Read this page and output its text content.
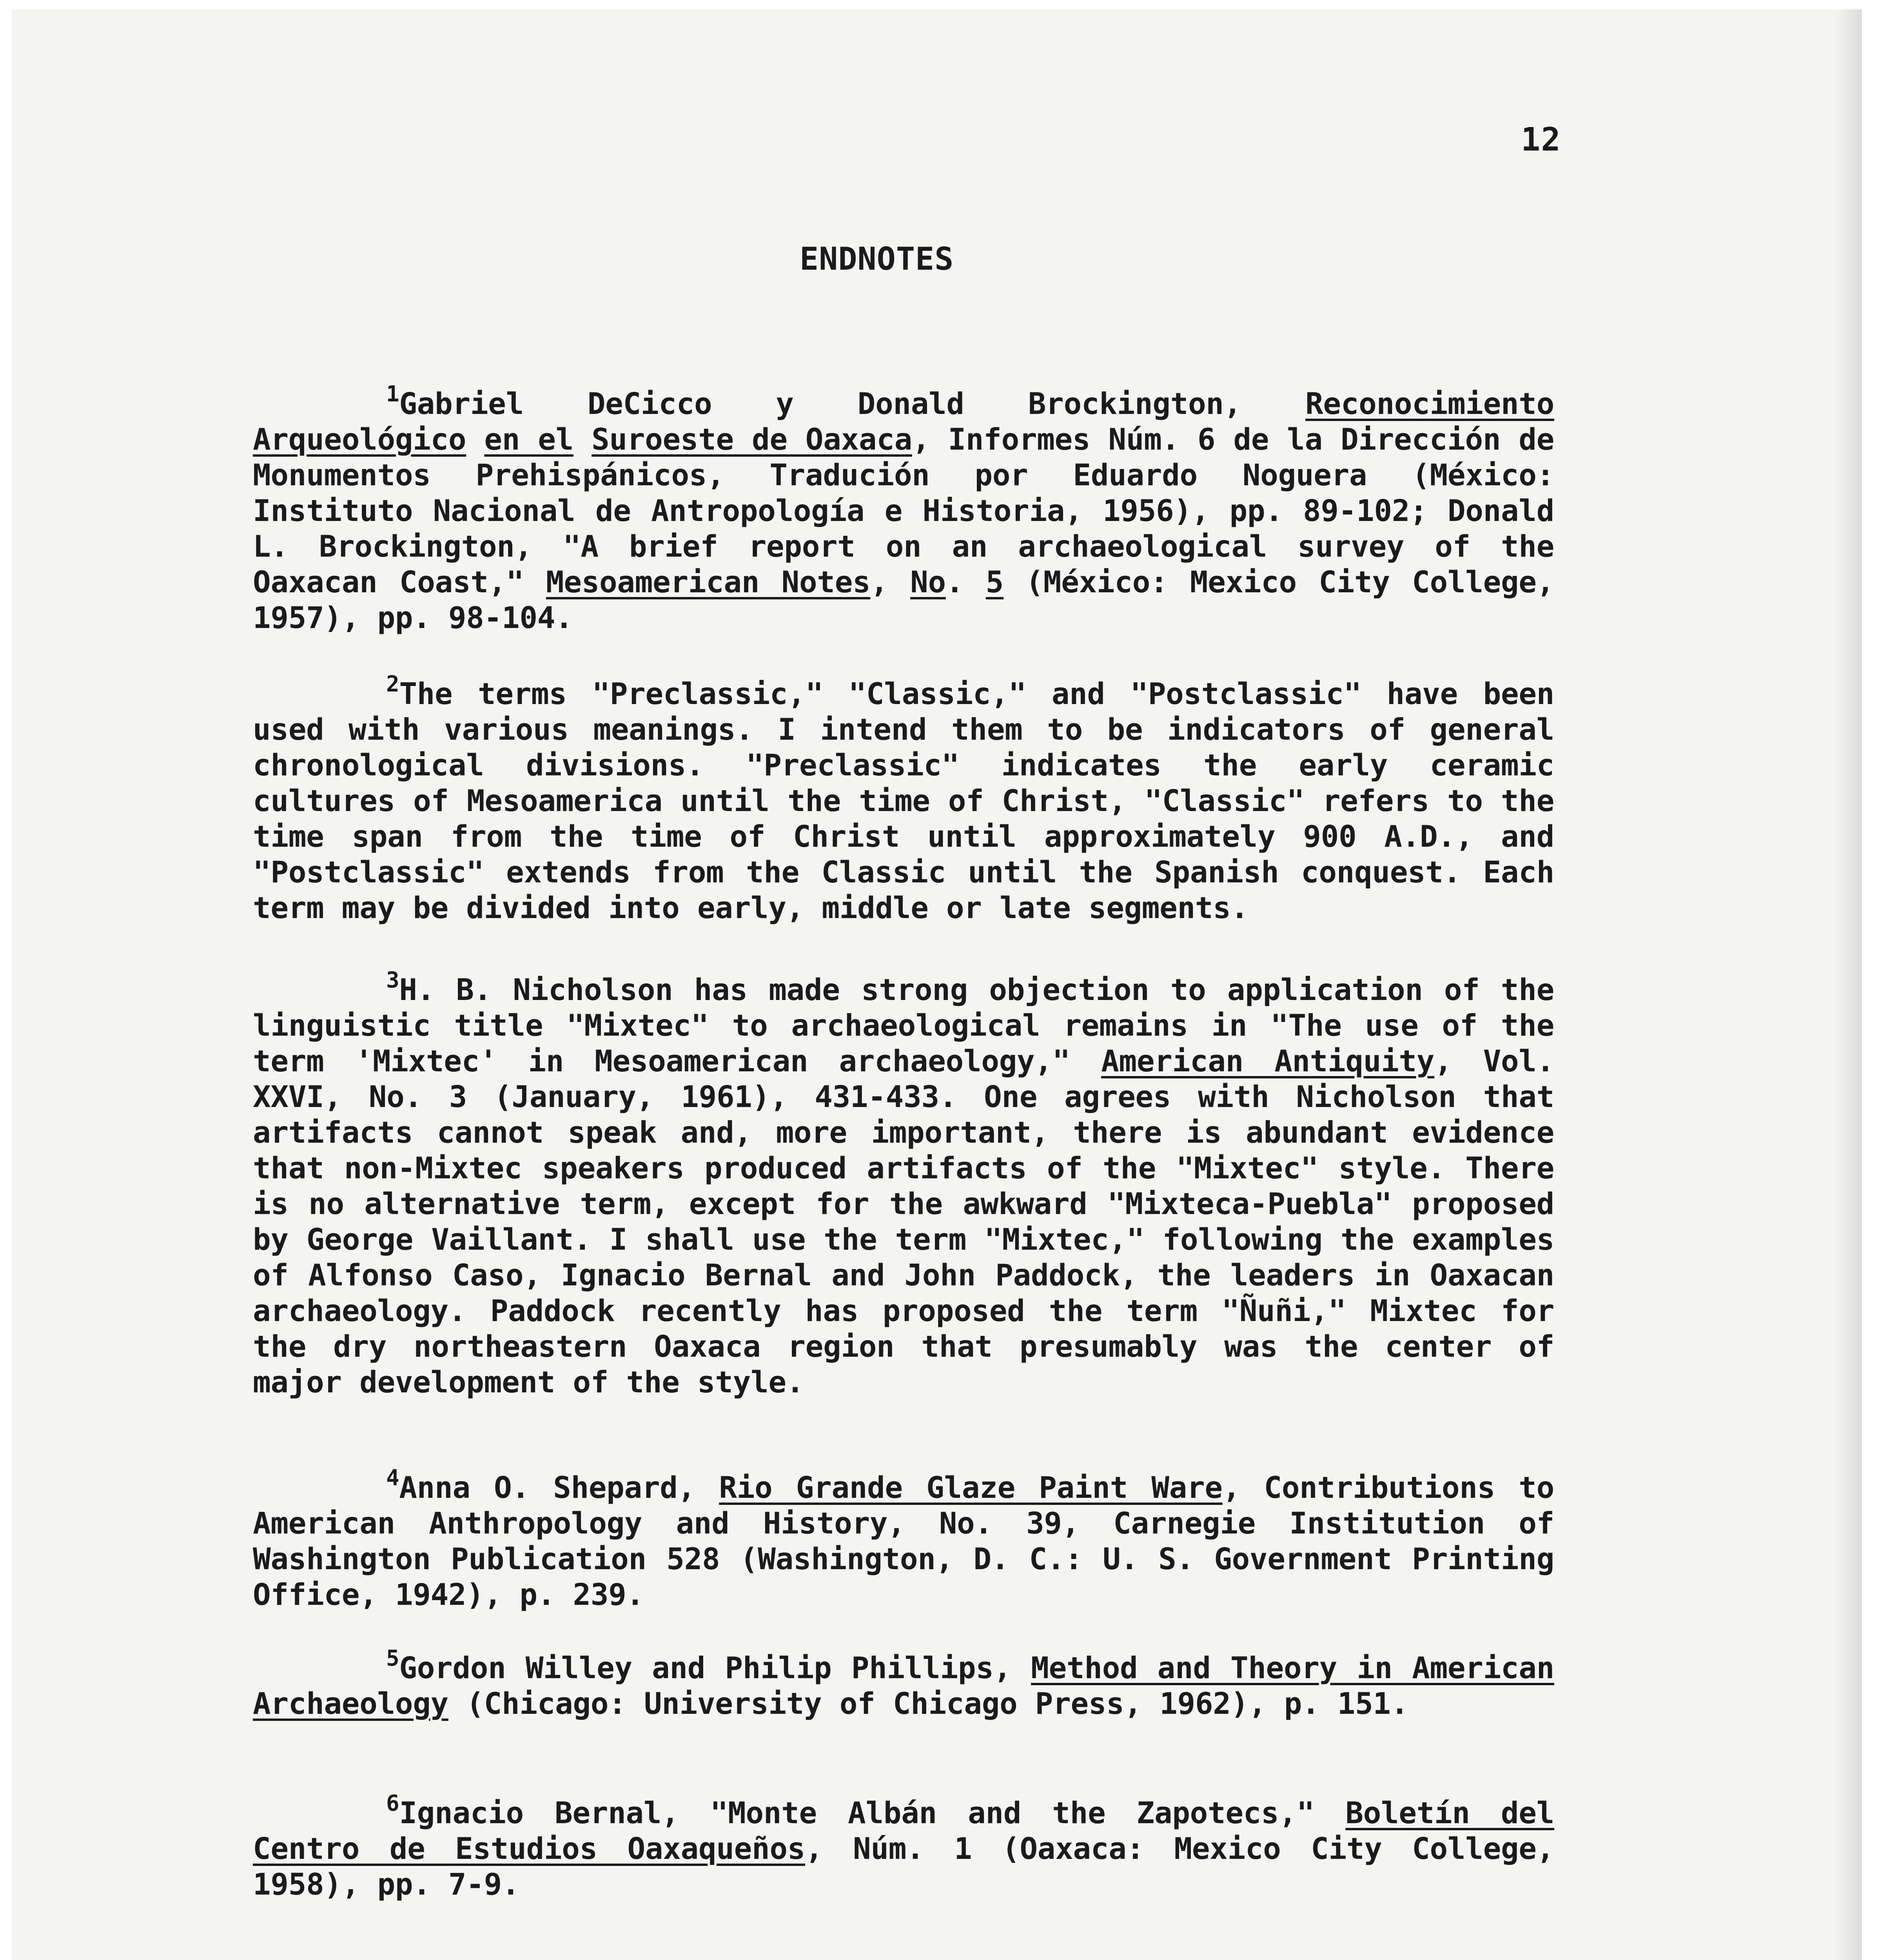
12
ENDNOTES
$^1$Gabriel DeCicco y Donald Brockington, Reconocimiento Arqueológico en el Suroeste de Oaxaca, Informes Núm. 6 de la Dirección de Monumentos Prehispánicos, Tradución por Eduardo Noguera (México: Instituto Nacional de Antropología e Historia, 1956), pp. 89-102; Donald L. Brockington, "A brief report on an archaeological survey of the Oaxacan Coast," Mesoamerican Notes, No. 5 (México: Mexico City College, 1957), pp. 98-104.
$^2$The terms "Preclassic," "Classic," and "Postclassic" have been used with various meanings. I intend them to be indicators of general chronological divisions. "Preclassic" indicates the early ceramic cultures of Mesoamerica until the time of Christ, "Classic" refers to the time span from the time of Christ until approximately 900 A.D., and "Postclassic" extends from the Classic until the Spanish conquest. Each term may be divided into early, middle or late segments.
$^3$H. B. Nicholson has made strong objection to application of the linguistic title "Mixtec" to archaeological remains in "The use of the term 'Mixtec' in Mesoamerican archaeology," American Antiquity, Vol. XXVI, No. 3 (January, 1961), 431-433. One agrees with Nicholson that artifacts cannot speak and, more important, there is abundant evidence that non-Mixtec speakers produced artifacts of the "Mixtec" style. There is no alternative term, except for the awkward "Mixteca-Puebla" proposed by George Vaillant. I shall use the term "Mixtec," following the examples of Alfonso Caso, Ignacio Bernal and John Paddock, the leaders in Oaxacan archaeology. Paddock recently has proposed the term "Ñuñi," Mixtec for the dry northeastern Oaxaca region that presumably was the center of major development of the style.
$^4$Anna O. Shepard, Rio Grande Glaze Paint Ware, Contributions to American Anthropology and History, No. 39, Carnegie Institution of Washington Publication 528 (Washington, D. C.: U. S. Government Printing Office, 1942), p. 239.
$^5$Gordon Willey and Philip Phillips, Method and Theory in American Archaeology (Chicago: University of Chicago Press, 1962), p. 151.
$^6$Ignacio Bernal, "Monte Albán and the Zapotecs," Boletín del Centro de Estudios Oaxaqueños, Núm. 1 (Oaxaca: Mexico City College, 1958), pp. 7-9.
